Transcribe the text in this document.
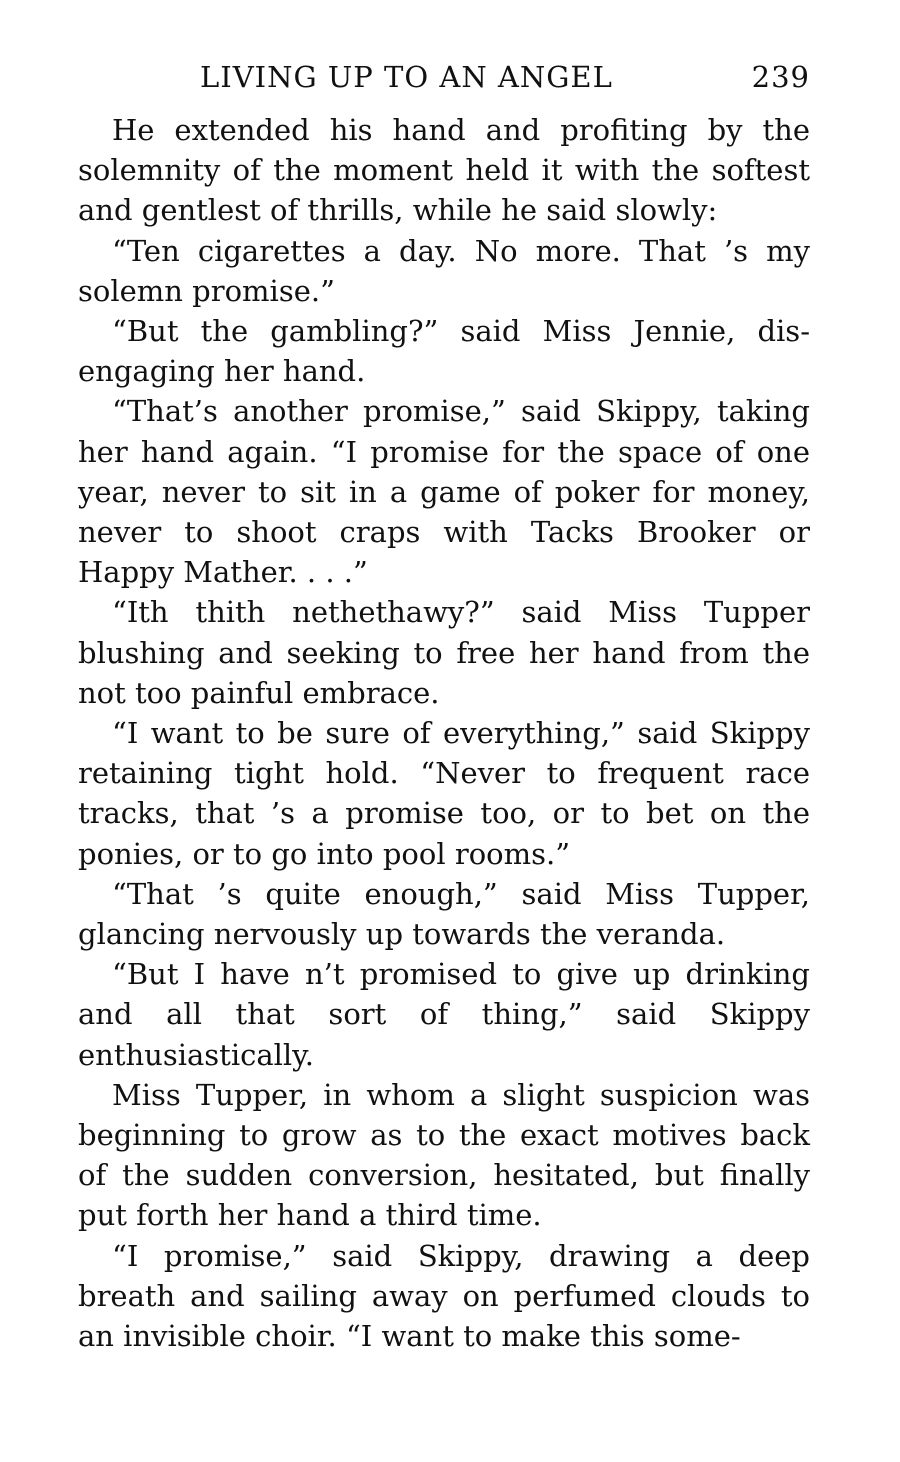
LIVING UP TO AN ANGEL	239

He extended his hand and profiting by the solemnity of the moment held it with the softest and gentlest of thrills, while he said slowly:

“Ten cigarettes a day. No more. That ’s my solemn promise.”

“But the gambling?” said Miss Jennie, disengaging her hand.

“That’s another promise,” said Skippy, taking her hand again. “I promise for the space of one year, never to sit in a game of poker for money, never to shoot craps with Tacks Brooker or Happy Mather. . . .”

“Ith thith nethethawy?” said Miss Tupper blushing and seeking to free her hand from the not too painful embrace.

“I want to be sure of everything,” said Skippy retaining tight hold. “Never to frequent race tracks, that ’s a promise too, or to bet on the ponies, or to go into pool rooms.”

“That ’s quite enough,” said Miss Tupper, glancing nervously up towards the veranda.

“But I have n’t promised to give up drinking and all that sort of thing,” said Skippy enthusiastically.

Miss Tupper, in whom a slight suspicion was beginning to grow as to the exact motives back of the sudden conversion, hesitated, but finally put forth her hand a third time.

“I promise,” said Skippy, drawing a deep breath and sailing away on perfumed clouds to an invisible choir. “I want to make this some-
